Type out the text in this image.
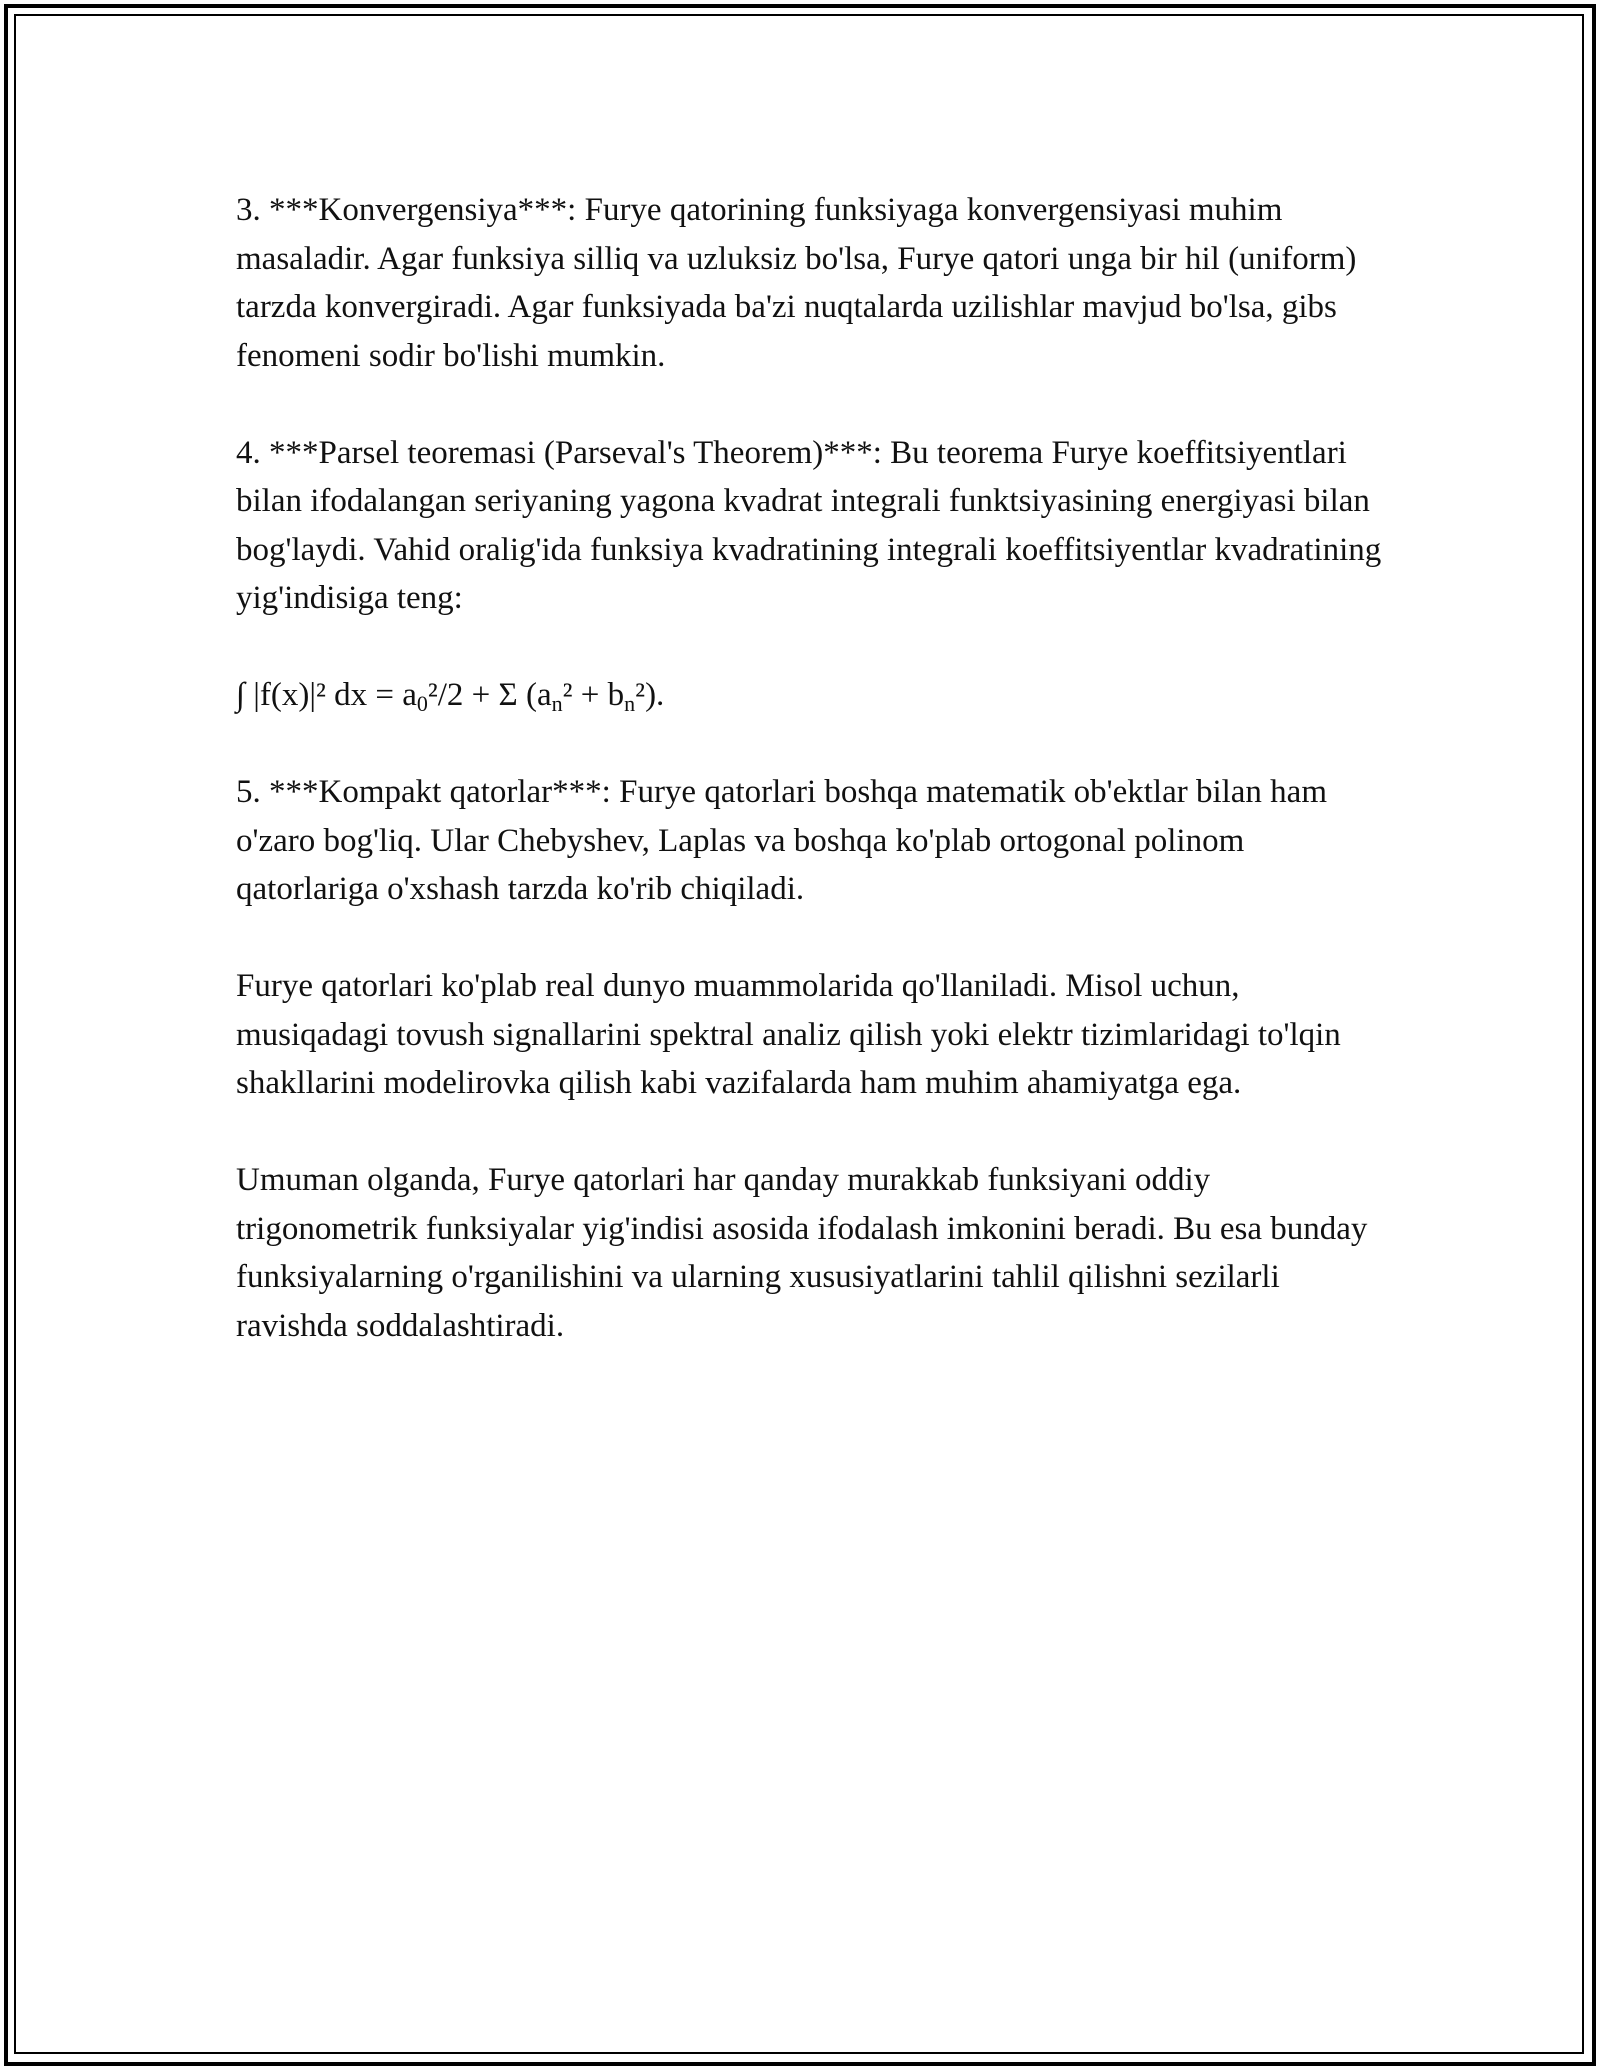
3. ***Konvergensiya***: Furye qatorining funksiyaga konvergensiyasi muhim masaladir. Agar funksiya silliq va uzluksiz bo'lsa, Furye qatori unga bir hil (uniform) tarzda konvergiradi. Agar funksiyada ba'zi nuqtalarda uzilishlar mavjud bo'lsa, gibs fenomeni sodir bo'lishi mumkin.

4. ***Parsel teoremasi (Parseval's Theorem)***: Bu teorema Furye koeffitsiyentlari bilan ifodalangan seriyaning yagona kvadrat integrali funktsiyasining energiyasi bilan bog'laydi. Vahid oralig'ida funksiya kvadratining integrali koeffitsiyentlar kvadratining yig'indisiga teng:

∫ |f(x)|² dx = $a_0^2/2 + \Sigma$ $(a_n^2 + b_n^2)$.

5. ***Kompakt qatorlar***: Furye qatorlari boshqa matematik ob'ektlar bilan ham o'zaro bog'liq. Ular Chebyshev, Laplas va boshqa ko'plab ortogonal polinom qatorlariga o'xshash tarzda ko'rib chiqiladi.

Furye qatorlari ko'plab real dunyo muammolarida qo'llaniladi. Misol uchun, musiqadagi tovush signallarini spektral analiz qilish yoki elektr tizimlaridagi to'lqin shakllarini modelirovka qilish kabi vazifalarda ham muhim ahamiyatga ega.

Umuman olganda, Furye qatorlari har qanday murakkab funksiyani oddiy trigonometrik funksiyalar yig'indisi asosida ifodalash imkonini beradi. Bu esa bunday funksiyalarning o'rganilishini va ularning xususiyatlarini tahlil qilishni sezilarli ravishda soddalashtiradi.
